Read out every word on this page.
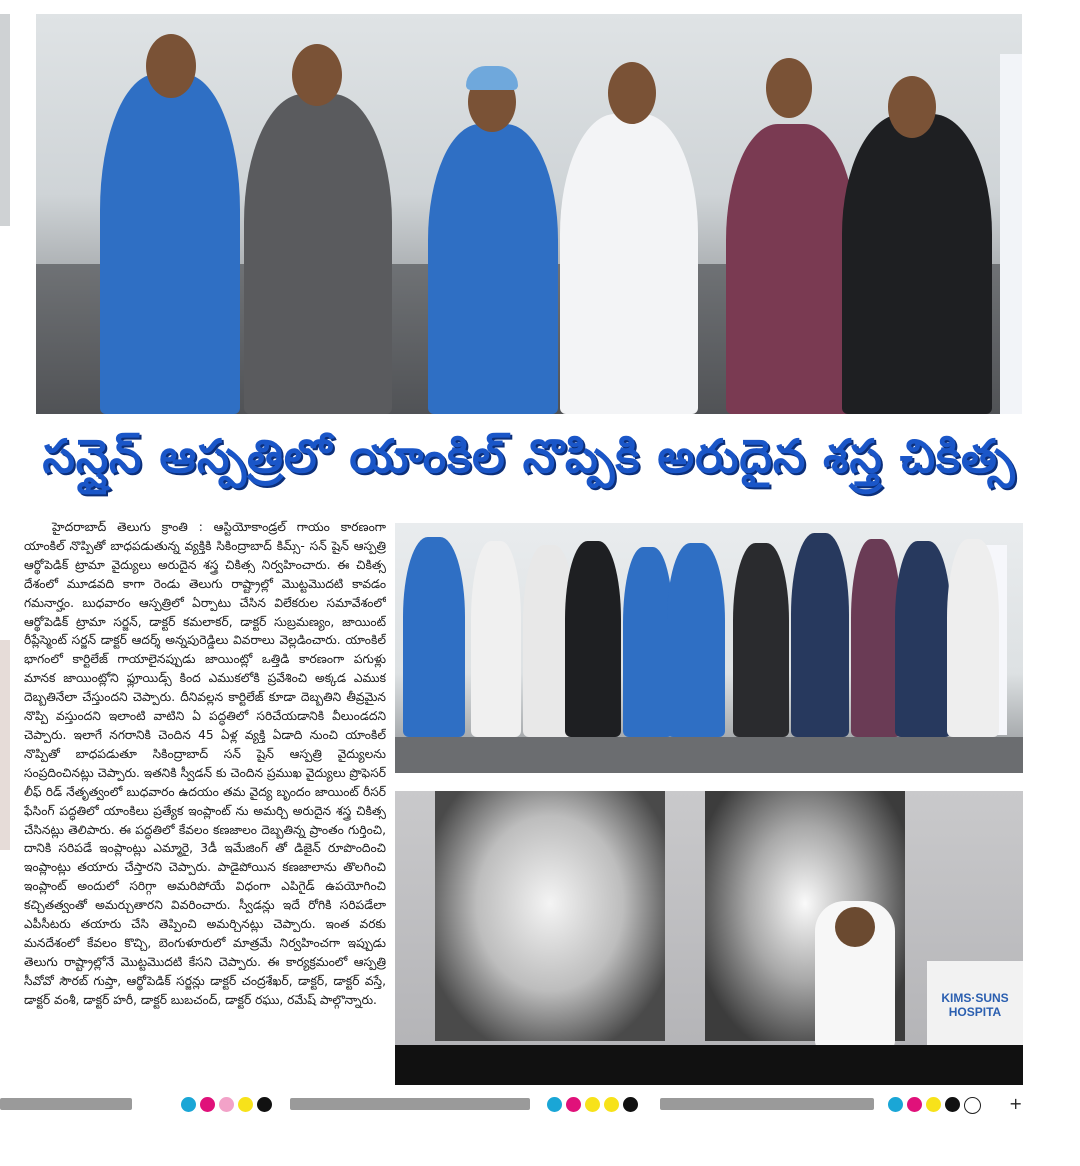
సన్షైన్ ఆస్పత్రిలో యాంకిల్ నొప్పికి అరుదైన శస్త్ర చికిత్స
హైదరాబాద్ తెలుగు క్రాంతి : ఆస్టియోకాండ్రల్ గాయం కారణంగా యాంకిల్ నొప్పితో బాధపడుతున్న వ్యక్తికి సికింద్రాబాద్ కిమ్స్- సన్ షైన్ ఆస్పత్రి ఆర్థోపెడిక్ ట్రామా వైద్యులు అరుదైన శస్త్ర చికిత్స నిర్వహించారు. ఈ చికిత్స దేశంలో మూడవది కాగా రెండు తెలుగు రాష్ట్రాల్లో మొట్టమొదటి కావడం గమనార్హం. బుధవారం ఆస్పత్రిలో ఏర్పాటు చేసిన విలేకరుల సమావేశంలో ఆర్థోపెడిక్ ట్రామా సర్జన్, డాక్టర్ కమలాకర్, డాక్టర్ సుబ్రమణ్యం, జాయింట్ రీప్లేస్మెంట్ సర్జన్ డాక్టర్ ఆదర్శ్ అన్నపురెడ్డిలు వివరాలు వెల్లడించారు. యాంకిల్ భాగంలో కార్టిలేజ్ గాయాలైనప్పుడు జాయింట్లో ఒత్తిడి కారణంగా పగుళ్లు మానక జాయింట్లోని ఫ్లూయిడ్స్ కింద ఎముకలోకి ప్రవేశించి అక్కడ ఎముక దెబ్బతినేలా చేస్తుందని చెప్పారు. దీనివల్లన కార్టిలేజ్ కూడా దెబ్బతిని తీవ్రమైన నొప్పి వస్తుందని ఇలాంటి వాటిని ఏ పద్ధతిలో సరిచేయడానికి వీలుండదని చెప్పారు. ఇలాగే నగరానికి చెందిన 45 ఏళ్ల వ్యక్తి ఏడాది నుంచి యాంకిల్ నొప్పితో బాధపడుతూ సికింద్రాబాద్ సన్ షైన్ ఆస్పత్రి వైద్యులను సంప్రదించినట్లు చెప్పారు. ఇతనికి స్వీడన్ కు చెందిన ప్రముఖ వైద్యులు ప్రొఫెసర్ లీఫ్ రిడ్ నేతృత్వంలో బుధవారం ఉదయం తమ వైద్య బృందం జాయింట్ రీసర్ ఫేసింగ్ పద్ధతిలో యాంకిలు ప్రత్యేక ఇంప్లాంట్ ను అమర్చి అరుదైన శస్త్ర చికిత్స చేసినట్లు తెలిపారు. ఈ పద్ధతిలో కేవలం కణజాలం దెబ్బతిన్న ప్రాంతం గుర్తించి, దానికి సరిపడే ఇంప్లాంట్లు ఎమ్మారై, 3డీ ఇమేజింగ్ తో డిజైన్ రూపొందించి ఇంప్లాంట్లు తయారు చేస్తారని చెప్పారు. పాడైపోయిన కణజాలాను తొలగించి ఇంప్లాంట్ అందులో సరిగ్గా అమరిపోయే విధంగా ఎపిగైడ్ ఉపయోగించి కచ్చితత్వంతో అమర్చుతారని వివరించారు. స్వీడన్లు ఇదే రోగికి సరిపడేలా ఎపీసీటరు తయారు చేసి తెప్పించి అమర్చినట్లు చెప్పారు. ఇంత వరకు మనదేశంలో కేవలం కొచ్చి, బెంగుళూరులో మాత్రమే నిర్వహించగా ఇప్పుడు తెలుగు రాష్ట్రాల్లోనే మొట్టమొదటి కేసని చెప్పారు. ఈ కార్యక్రమంలో ఆస్పత్రి సీవోవో సౌరబ్ గుప్తా, ఆర్థోపెడిక్ సర్జన్లు డాక్టర్ చంద్రశేఖర్, డాక్టర్, డాక్టర్ వస్తే, డాక్టర్ వంశీ, డాక్టర్ హరీ, డాక్టర్ బుబచంద్, డాక్టర్ రఘు, రమేష్ పాల్గొన్నారు.	KIMS·SUNS
HOSPITA
+
